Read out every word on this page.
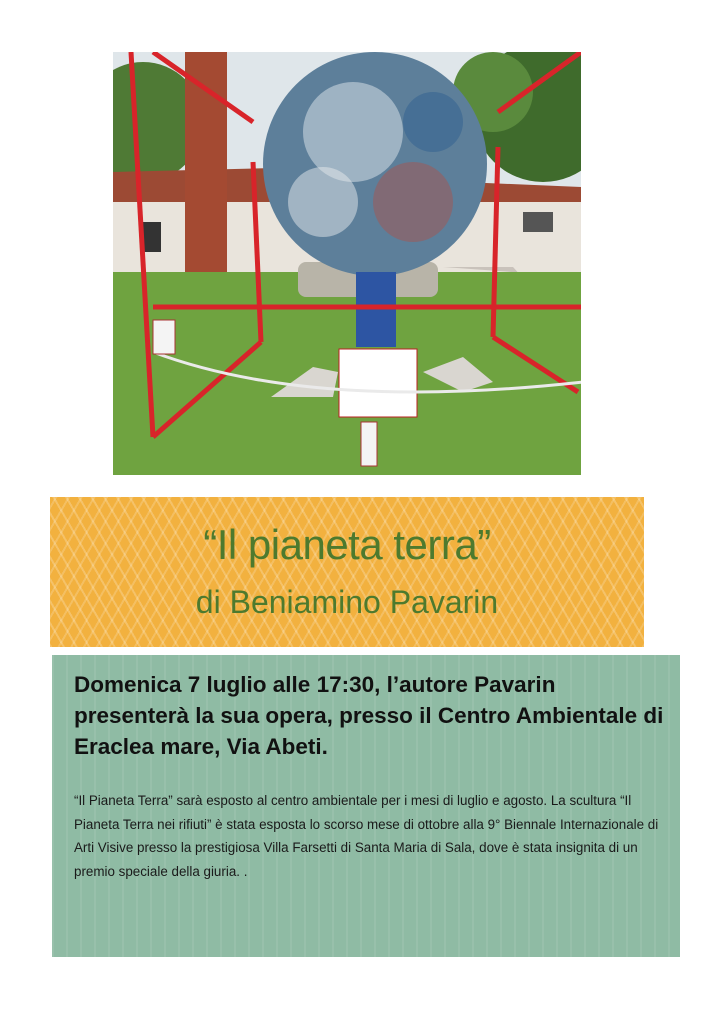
“Il pianeta terra”
di Beniamino Pavarin

Domenica 7 luglio alle 17:30, l’autore Pavarin presenterà la sua opera, presso il Centro Ambientale di Eraclea mare, Via Abeti.

“Il Pianeta Terra” sarà esposto al centro ambientale per i mesi di luglio e agosto. La scultura “Il Pianeta Terra nei rifiuti” è stata esposta lo scorso mese di ottobre alla 9° Biennale Internazionale di Arti Visive presso la prestigiosa Villa Farsetti di Santa Maria di Sala, dove è stata insignita di un premio speciale della giuria. .
